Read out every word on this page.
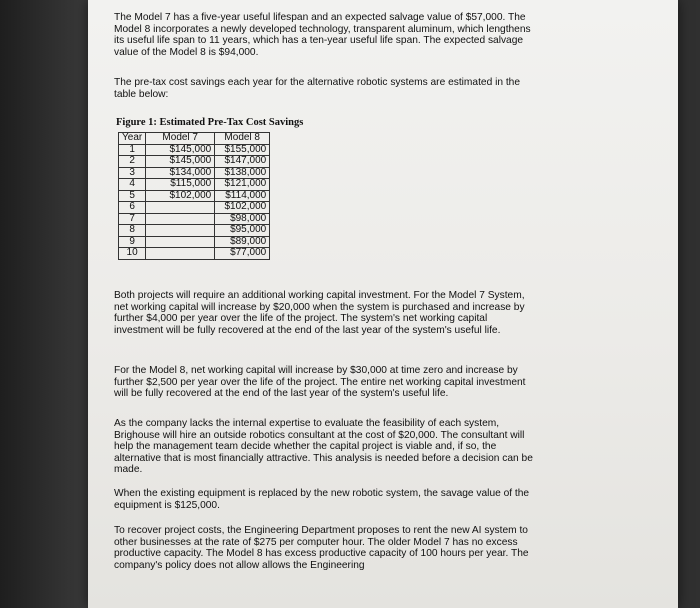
The Model 7 has a five-year useful lifespan and an expected salvage value of $57,000. The Model 8 incorporates a newly developed technology, transparent aluminum, which lengthens its useful life span to 11 years, which has a ten-year useful life span. The expected salvage value of the Model 8 is $94,000.
The pre-tax cost savings each year for the alternative robotic systems are estimated in the table below:
Figure 1: Estimated Pre-Tax Cost Savings
Year	Model 7	Model 8
1	$145,000	$155,000
2	$145,000	$147,000
3	$134,000	$138,000
4	$115,000	$121,000
5	$102,000	$114,000
6		$102,000
7		$98,000
8		$95,000
9		$89,000
10		$77,000
Both projects will require an additional working capital investment. For the Model 7 System, net working capital will increase by $20,000 when the system is purchased and increase by further $4,000 per year over the life of the project. The system's net working capital investment will be fully recovered at the end of the last year of the system's useful life.
For the Model 8, net working capital will increase by $30,000 at time zero and increase by further $2,500 per year over the life of the project. The entire net working capital investment will be fully recovered at the end of the last year of the system's useful life.
As the company lacks the internal expertise to evaluate the feasibility of each system, Brighouse will hire an outside robotics consultant at the cost of $20,000. The consultant will help the management team decide whether the capital project is viable and, if so, the alternative that is most financially attractive. This analysis is needed before a decision can be made.
When the existing equipment is replaced by the new robotic system, the savage value of the equipment is $125,000.
To recover project costs, the Engineering Department proposes to rent the new AI system to other businesses at the rate of $275 per computer hour. The older Model 7 has no excess productive capacity. The Model 8 has excess productive capacity of 100 hours per year. The company's policy does not allow allows the Engineering
